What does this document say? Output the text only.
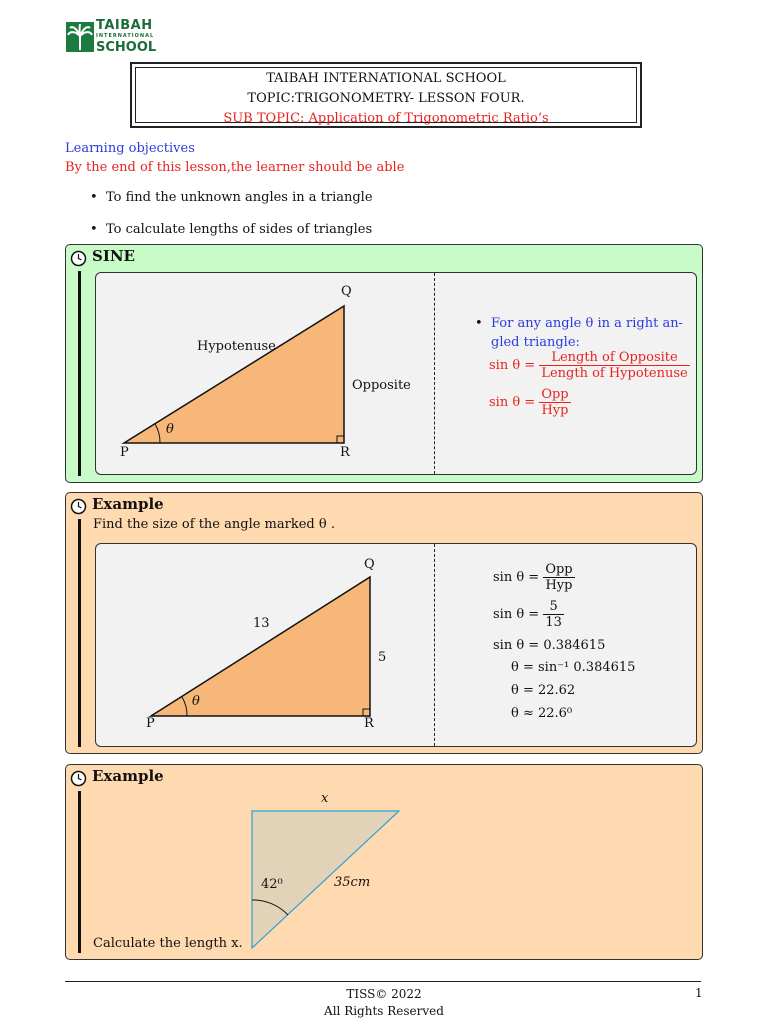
TAIBAH
INTERNATIONAL
SCHOOL
TAIBAH INTERNATIONAL SCHOOL
TOPIC:TRIGONOMETRY- LESSON FOUR.
SUB TOPIC: Application of Trigonometric Ratio’s
Learning objectives
By the end of this lesson,the learner should be able
• To find the unknown angles in a triangle
• To calculate lengths of sides of triangles
SINE
Q
P	R
Hypotenuse
Opposite
θ
• For any angle θ in a right an-
gled triangle:
$\sin \theta = \frac{\text{Length of Opposite}}{\text{Length of Hypotenuse}}$
$\sin \theta = \frac{\text{Opp}}{\text{Hyp}}$
Example
Find the size of the angle marked θ .
Q
P	R
13
5
θ
$\sin \theta = \frac{\text{Opp}}{\text{Hyp}}$
$\sin \theta = \frac{5}{13}$
sin θ = 0.384615
θ = sin⁻¹ 0.384615
θ = 22.62
θ ≈ 22.6⁰
Example
x
42⁰	35cm
Calculate the length x.
TISS© 2022
All Rights Reserved
1
